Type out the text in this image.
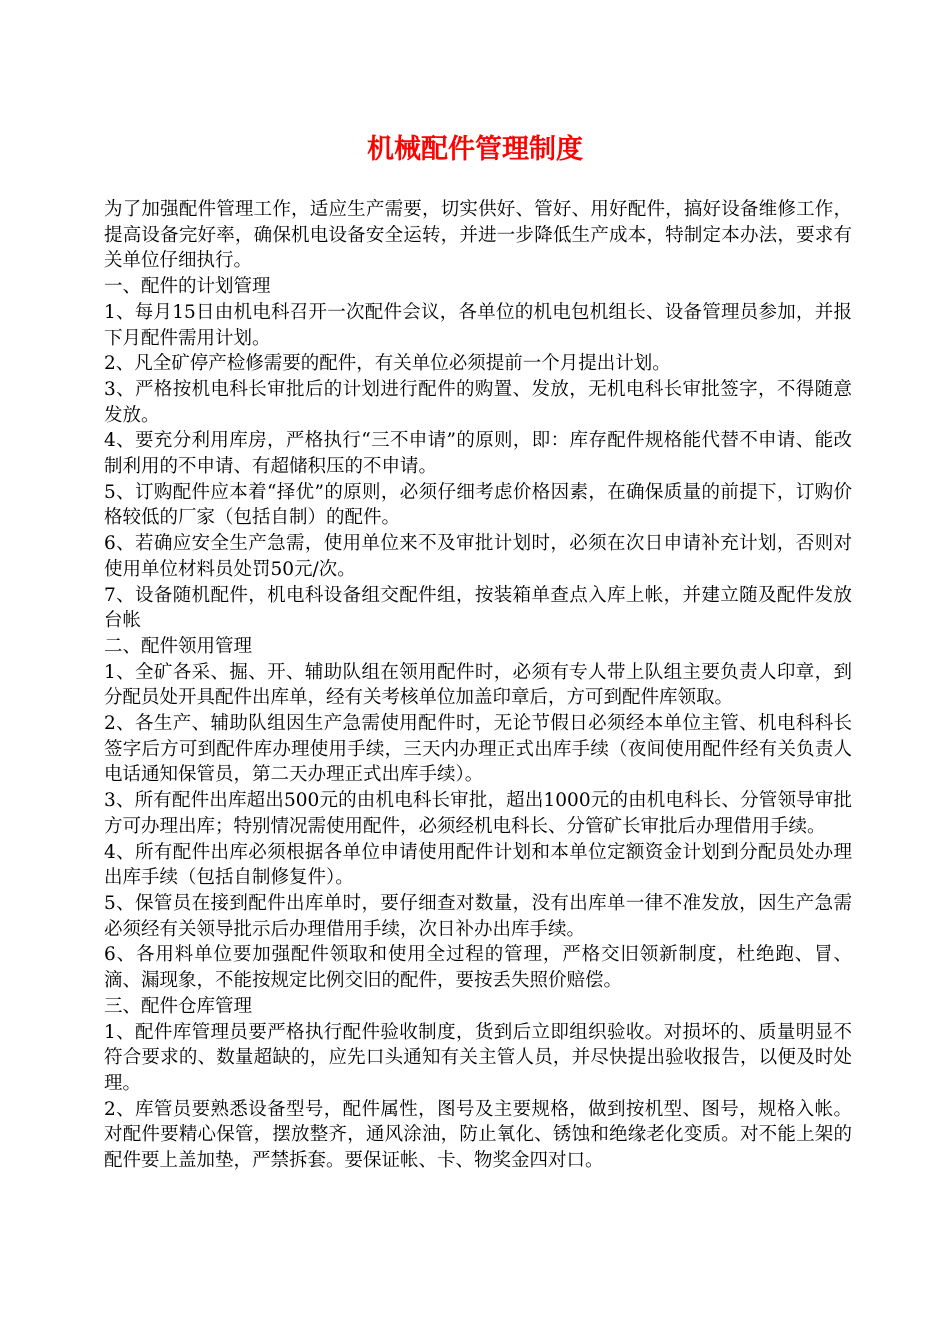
机械配件管理制度

为了加强配件管理工作，适应生产需要，切实供好、管好、用好配件，搞好设备维修工作，提高设备完好率，确保机电设备安全运转，并进一步降低生产成本，特制定本办法，要求有关单位仔细执行。

一、配件的计划管理

1、每月15日由机电科召开一次配件会议，各单位的机电包机组长、设备管理员参加，并报下月配件需用计划。

2、凡全矿停产检修需要的配件，有关单位必须提前一个月提出计划。

3、严格按机电科长审批后的计划进行配件的购置、发放，无机电科长审批签字，不得随意发放。

4、要充分利用库房，严格执行“三不申请”的原则，即：库存配件规格能代替不申请、能改制利用的不申请、有超储积压的不申请。

5、订购配件应本着“择优”的原则，必须仔细考虑价格因素，在确保质量的前提下，订购价格较低的厂家（包括自制）的配件。

6、若确应安全生产急需，使用单位来不及审批计划时，必须在次日申请补充计划，否则对使用单位材料员处罚50元/次。

7、设备随机配件，机电科设备组交配件组，按装箱单查点入库上帐，并建立随及配件发放台帐

二、配件领用管理

1、全矿各采、掘、开、辅助队组在领用配件时，必须有专人带上队组主要负责人印章，到分配员处开具配件出库单，经有关考核单位加盖印章后，方可到配件库领取。

2、各生产、辅助队组因生产急需使用配件时，无论节假日必须经本单位主管、机电科科长签字后方可到配件库办理使用手续，三天内办理正式出库手续（夜间使用配件经有关负责人电话通知保管员，第二天办理正式出库手续）。

3、所有配件出库超出500元的由机电科长审批，超出1000元的由机电科长、分管领导审批方可办理出库；特别情况需使用配件，必须经机电科长、分管矿长审批后办理借用手续。

4、所有配件出库必须根据各单位申请使用配件计划和本单位定额资金计划到分配员处办理出库手续（包括自制修复件）。

5、保管员在接到配件出库单时，要仔细查对数量，没有出库单一律不准发放，因生产急需必须经有关领导批示后办理借用手续，次日补办出库手续。

6、各用料单位要加强配件领取和使用全过程的管理，严格交旧领新制度，杜绝跑、冒、滴、漏现象，不能按规定比例交旧的配件，要按丢失照价赔偿。

三、配件仓库管理

1、配件库管理员要严格执行配件验收制度，货到后立即组织验收。对损坏的、质量明显不符合要求的、数量超缺的，应先口头通知有关主管人员，并尽快提出验收报告，以便及时处理。

2、库管员要熟悉设备型号，配件属性，图号及主要规格，做到按机型、图号，规格入帐。对配件要精心保管，摆放整齐，通风涂油，防止氧化、锈蚀和绝缘老化变质。对不能上架的配件要上盖加垫，严禁拆套。要保证帐、卡、物奖金四对口。
